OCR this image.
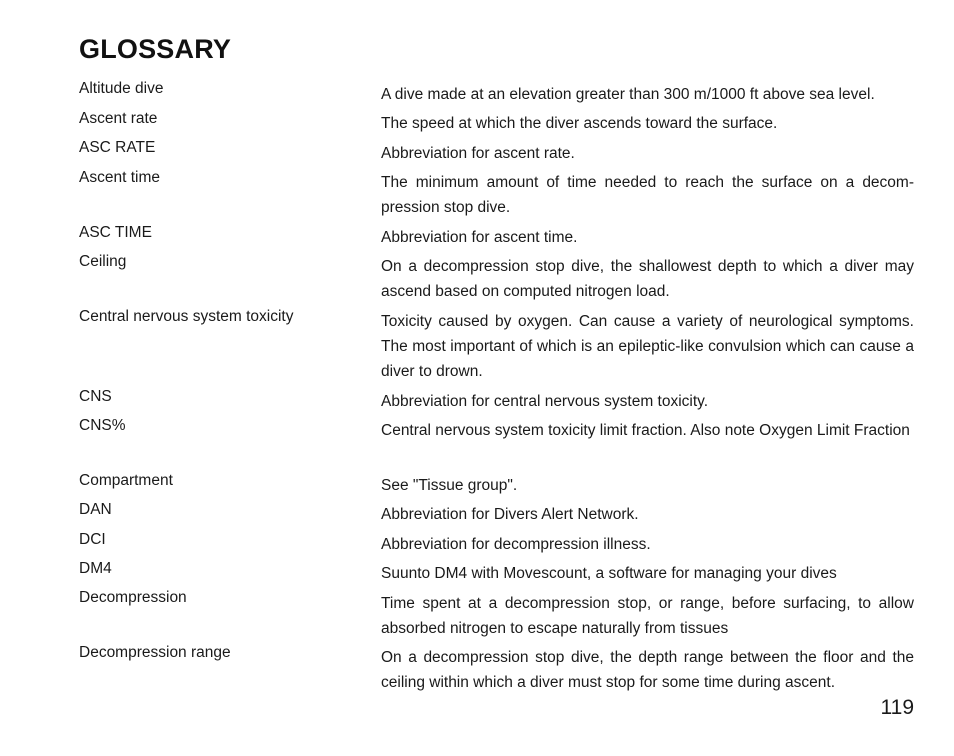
GLOSSARY
Altitude dive	A dive made at an elevation greater than 300 m/1000 ft above sea level.
Ascent rate	The speed at which the diver ascends toward the surface.
ASC RATE	Abbreviation for ascent rate.
Ascent time	The minimum amount of time needed to reach the surface on a decom-pression stop dive.
ASC TIME	Abbreviation for ascent time.
Ceiling	On a decompression stop dive, the shallowest depth to which a diver may ascend based on computed nitrogen load.
Central nervous system toxicity	Toxicity caused by oxygen. Can cause a variety of neurological symptoms. The most important of which is an epileptic-like convulsion which can cause a diver to drown.
CNS	Abbreviation for central nervous system toxicity.
CNS%	Central nervous system toxicity limit fraction. Also note Oxygen Limit Fraction
Compartment	See "Tissue group".
DAN	Abbreviation for Divers Alert Network.
DCI	Abbreviation for decompression illness.
DM4	Suunto DM4 with Movescount, a software for managing your dives
Decompression	Time spent at a decompression stop, or range, before surfacing, to allow absorbed nitrogen to escape naturally from tissues
Decompression range	On a decompression stop dive, the depth range between the floor and the ceiling within which a diver must stop for some time during ascent.
119
